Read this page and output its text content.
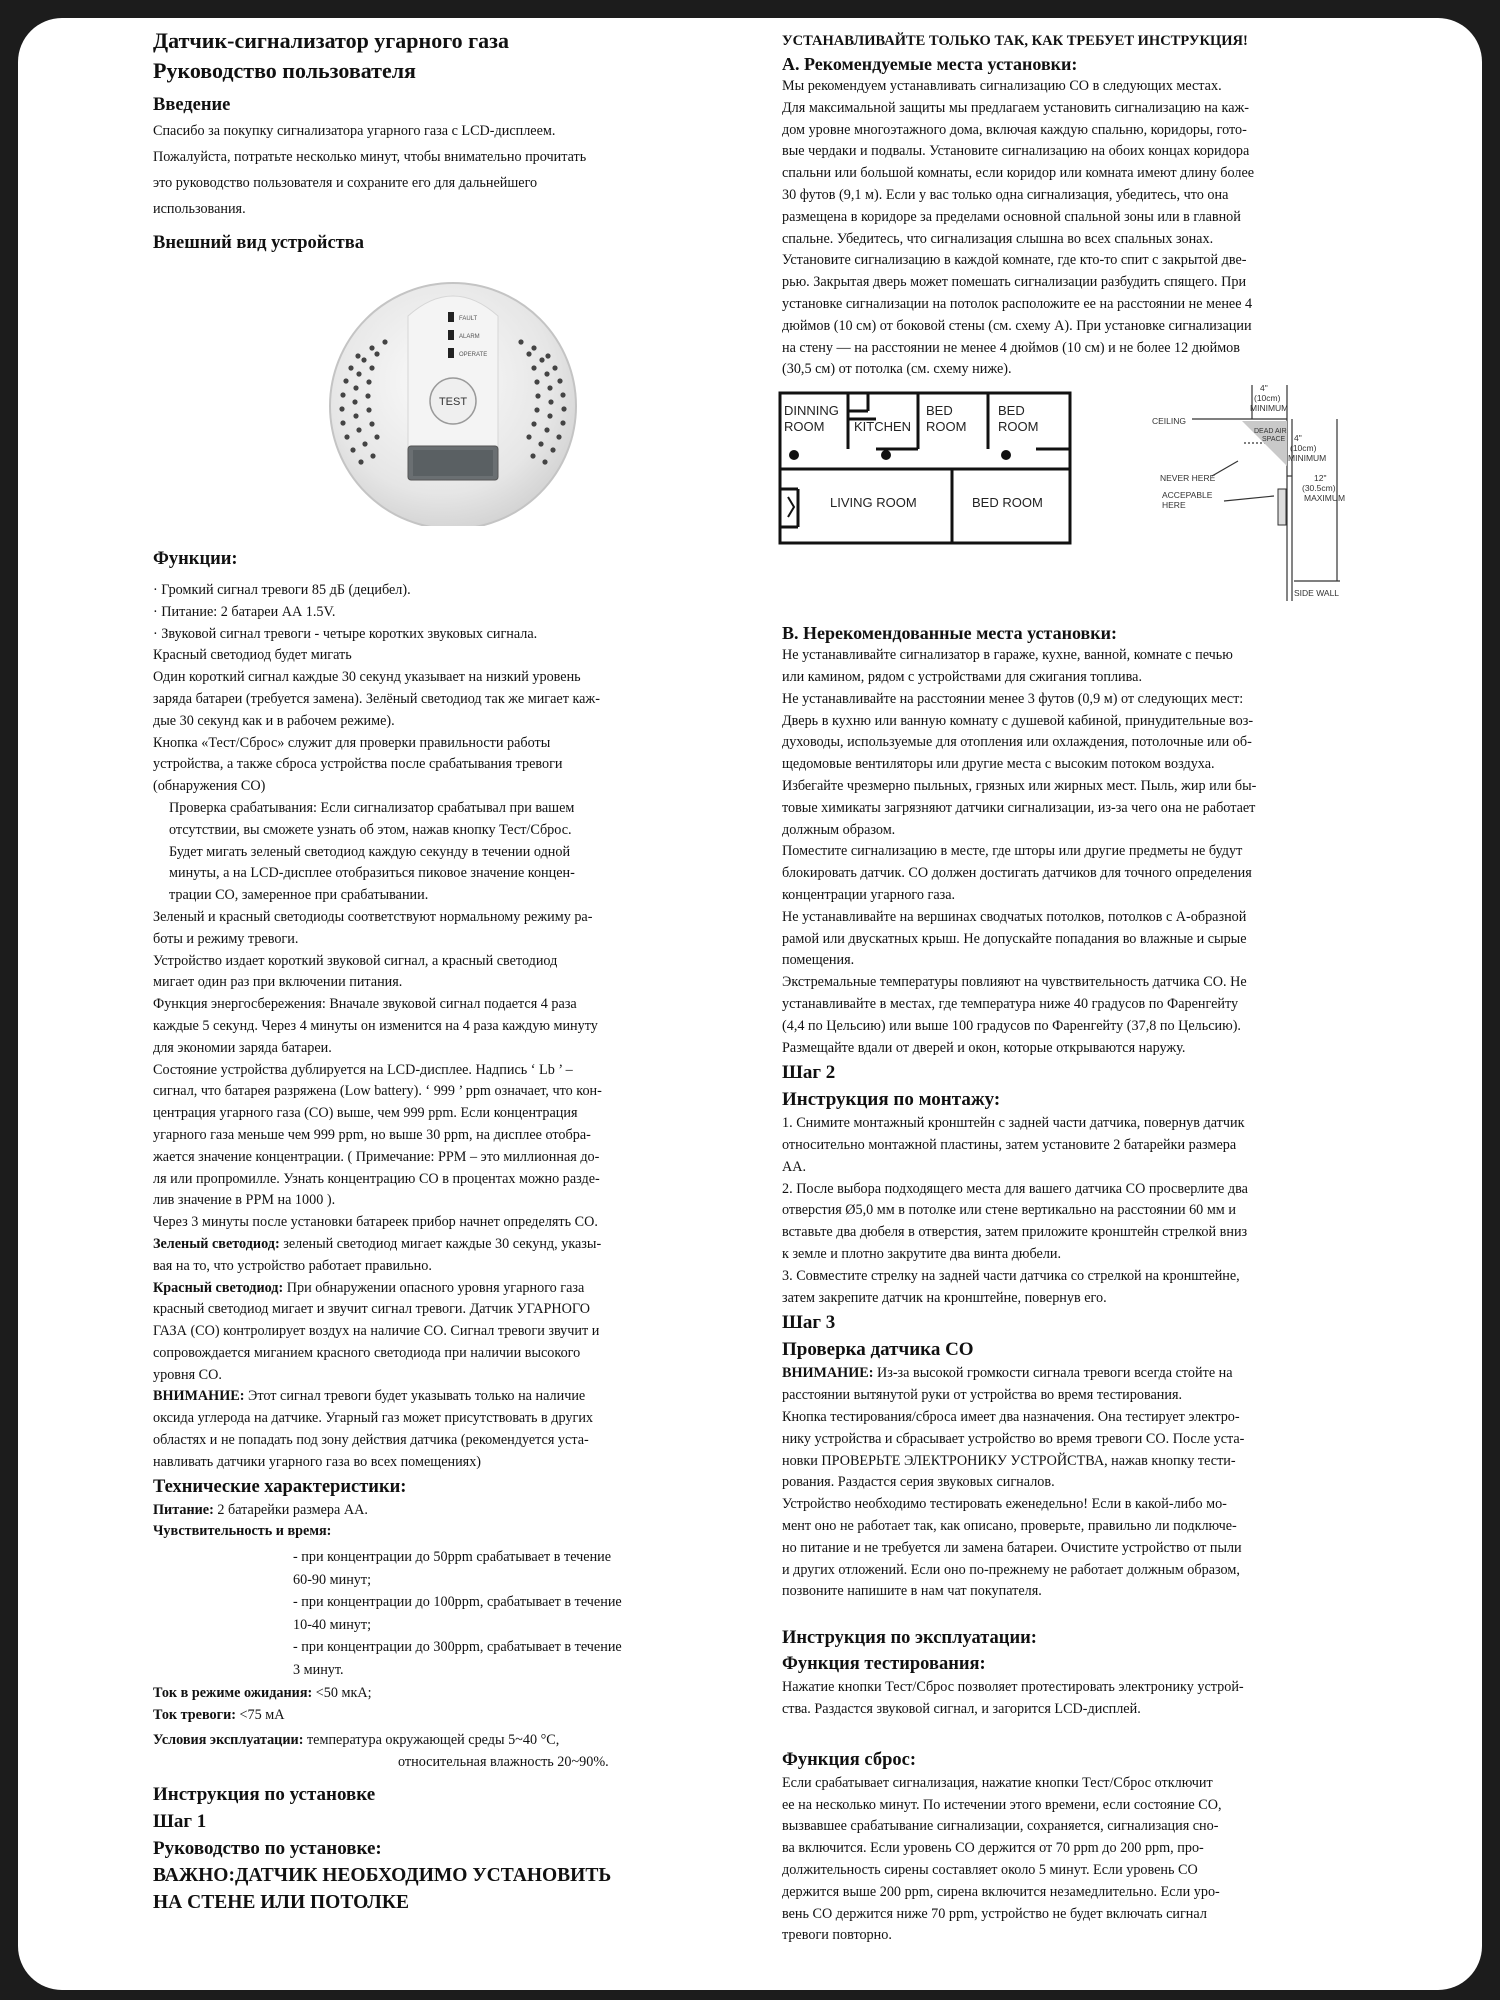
Датчик-сигнализатор угарного газа

Руководство пользователя

Введение

Спасибо за покупку сигнализатора угарного газа с LCD-дисплеем.

Пожалуйста, потратьте несколько минут, чтобы внимательно прочитать

это руководство пользователя и сохраните его для дальнейшего

использования.

Внешний вид устройства

FAULT
ALARM
OPERATE
TEST

Функции:

· Громкий сигнал тревоги 85 дБ (децибел).

· Питание: 2 батареи АА 1.5V.

· Звуковой сигнал тревоги - четыре коротких звуковых сигнала.

Красный светодиод будет мигать

Один короткий сигнал каждые 30 секунд указывает на низкий уровень

заряда батареи (требуется замена). Зелёный светодиод так же мигает каж-

дые 30 секунд как и в рабочем режиме).

Кнопка «Тест/Сброс» служит для проверки правильности работы

устройства, а также сброса устройства после срабатывания тревоги

(обнаружения СО)

Проверка срабатывания: Если сигнализатор срабатывал при вашем

отсутствии, вы сможете узнать об этом, нажав кнопку Тест/Сброс.

Будет мигать зеленый светодиод каждую секунду в течении одной

минуты, а на LCD-дисплее отобразиться пиковое значение концен-

трации СО, замеренное при срабатывании.

Зеленый и красный светодиоды соответствуют нормальному режиму ра-

боты и режиму тревоги.

Устройство издает короткий звуковой сигнал, а красный светодиод

мигает один раз при включении питания.

Функция энергосбережения: Вначале звуковой сигнал подается 4 раза

каждые 5 секунд. Через 4 минуты он изменится на 4 раза каждую минуту

для экономии заряда батареи.

Состояние устройства дублируется на LCD-дисплее. Надпись ‘ Lb ’ –

сигнал, что батарея разряжена (Low battery). ‘ 999 ’ ppm означает, что кон-

центрация угарного газа (СО) выше, чем 999 ppm. Если концентрация

угарного газа меньше чем 999 ppm, но выше 30 ppm, на дисплее отобра-

жается значение концентрации. ( Примечание: PPM – это миллионная до-

ля или пропромилле. Узнать концентрацию СО в процентах можно разде-

лив значение в PPM на 1000 ).

Через 3 минуты после установки батареек прибор начнет определять СО.

Зеленый светодиод: зеленый светодиод мигает каждые 30 секунд, указы-

вая на то, что устройство работает правильно.

Красный светодиод: При обнаружении опасного уровня угарного газа

красный светодиод мигает и звучит сигнал тревоги. Датчик УГАРНОГО

ГАЗА (СО) контролирует воздух на наличие СО. Сигнал тревоги звучит и

сопровождается миганием красного светодиода при наличии высокого

уровня СО.

ВНИМАНИЕ: Этот сигнал тревоги будет указывать только на наличие

оксида углерода на датчике. Угарный газ может присутствовать в других

областях и не попадать под зону действия датчика (рекомендуется уста-

навливать датчики угарного газа во всех помещениях)

Технические характеристики:

Питание: 2 батарейки размера АА.

Чувствительность и время:

- при концентрации до 50ppm срабатывает в течение

60-90 минут;

- при концентрации до 100ppm, срабатывает в течение

10-40 минут;

- при концентрации до 300ppm, срабатывает в течение

3 минут.

Ток в режиме ожидания: <50 мкА;

Ток тревоги: <75 мА

Условия эксплуатации: температура окружающей среды 5~40 °С,

относительная влажность 20~90%.

Инструкция по установке

Шаг 1

Руководство по установке:

ВАЖНО:ДАТЧИК НЕОБХОДИМО УСТАНОВИТЬ

НА СТЕНЕ ИЛИ ПОТОЛКЕ

УСТАНАВЛИВАЙТЕ ТОЛЬКО ТАК, КАК ТРЕБУЕТ ИНСТРУКЦИЯ!

А. Рекомендуемые места установки:

Мы рекомендуем устанавливать сигнализацию СО в следующих местах.

Для максимальной защиты мы предлагаем установить сигнализацию на каж-

дом уровне многоэтажного дома, включая каждую спальню, коридоры, гото-

вые чердаки и подвалы. Установите сигнализацию на обоих концах коридора

спальни или большой комнаты, если коридор или комната имеют длину более

30 футов (9,1 м). Если у вас только одна сигнализация, убедитесь, что она

размещена в коридоре за пределами основной спальной зоны или в главной

спальне. Убедитесь, что сигнализация слышна во всех спальных зонах.

Установите сигнализацию в каждой комнате, где кто-то спит с закрытой две-

рью. Закрытая дверь может помешать сигнализации разбудить спящего. При

установке сигнализации на потолок расположите ее на расстоянии не менее 4

дюймов (10 см) от боковой стены (см. схему А). При установке сигнализации

на стену — на расстоянии не менее 4 дюймов (10 см) и не более 12 дюймов

(30,5 см) от потолка (см. схему ниже).

DINNING
ROOM KITCHEN
BED
ROOM
BED
ROOM
LIVING ROOM	BED ROOM
CEILING
4"
(10cm)
MINIMUM
DEAD AIR
SPACE 4"
(10cm)
MINIMUM
NEVER HERE
ACCEPABLE
HERE
12"
(30.5cm)
MAXIMUM
SIDE WALL

В. Нерекомендованные места установки:

Не устанавливайте сигнализатор в гараже, кухне, ванной, комнате с печью

или камином, рядом с устройствами для сжигания топлива.

Не устанавливайте на расстоянии менее 3 футов (0,9 м) от следующих мест:

Дверь в кухню или ванную комнату с душевой кабиной, принудительные воз-

духоводы, используемые для отопления или охлаждения, потолочные или об-

щедомовые вентиляторы или другие места с высоким потоком воздуха.

Избегайте чрезмерно пыльных, грязных или жирных мест. Пыль, жир или бы-

товые химикаты загрязняют датчики сигнализации, из-за чего она не работает

должным образом.

Поместите сигнализацию в месте, где шторы или другие предметы не будут

блокировать датчик. СО должен достигать датчиков для точного определения

концентрации угарного газа.

Не устанавливайте на вершинах сводчатых потолков, потолков с А-образной

рамой или двускатных крыш. Не допускайте попадания во влажные и сырые

помещения.

Экстремальные температуры повлияют на чувствительность датчика СО. Не

устанавливайте в местах, где температура ниже 40 градусов по Фаренгейту

(4,4 по Цельсию) или выше 100 градусов по Фаренгейту (37,8 по Цельсию).

Размещайте вдали от дверей и окон, которые открываются наружу.

Шаг 2

Инструкция по монтажу:

1. Снимите монтажный кронштейн с задней части датчика, повернув датчик

относительно монтажной пластины, затем установите 2 батарейки размера

АА.

2. После выбора подходящего места для вашего датчика СО просверлите два

отверстия Ø5,0 мм в потолке или стене вертикально на расстоянии 60 мм и

вставьте два дюбеля в отверстия, затем приложите кронштейн стрелкой вниз

к земле и плотно закрутите два винта дюбели.

3. Совместите стрелку на задней части датчика со стрелкой на кронштейне,

затем закрепите датчик на кронштейне, повернув его.

Шаг 3

Проверка датчика СО

ВНИМАНИЕ: Из-за высокой громкости сигнала тревоги всегда стойте на

расстоянии вытянутой руки от устройства во время тестирования.

Кнопка тестирования/сброса имеет два назначения. Она тестирует электро-

нику устройства и сбрасывает устройство во время тревоги СО. После уста-

новки ПРОВЕРЬТЕ ЭЛЕКТРОНИКУ УСТРОЙСТВА, нажав кнопку тести-

рования. Раздастся серия звуковых сигналов.

Устройство необходимо тестировать еженедельно! Если в какой-либо мо-

мент оно не работает так, как описано, проверьте, правильно ли подключе-

но питание и не требуется ли замена батареи. Очистите устройство от пыли

и других отложений. Если оно по-прежнему не работает должным образом,

позвоните напишите в нам чат покупателя.

Инструкция по эксплуатации:

Функция тестирования:

Нажатие кнопки Тест/Сброс позволяет протестировать электронику устрой-

ства. Раздастся звуковой сигнал, и загорится LCD-дисплей.

Функция сброс:

Если срабатывает сигнализация, нажатие кнопки Тест/Сброс отключит

ее на несколько минут. По истечении этого времени, если состояние СО,

вызвавшее срабатывание сигнализации, сохраняется, сигнализация сно-

ва включится. Если уровень СО держится от 70 ppm до 200 ppm, про-

должительность сирены составляет около 5 минут. Если уровень СО

держится выше 200 ppm, сирена включится незамедлительно. Если уро-

вень СО держится ниже 70 ppm, устройство не будет включать сигнал

тревоги повторно.
